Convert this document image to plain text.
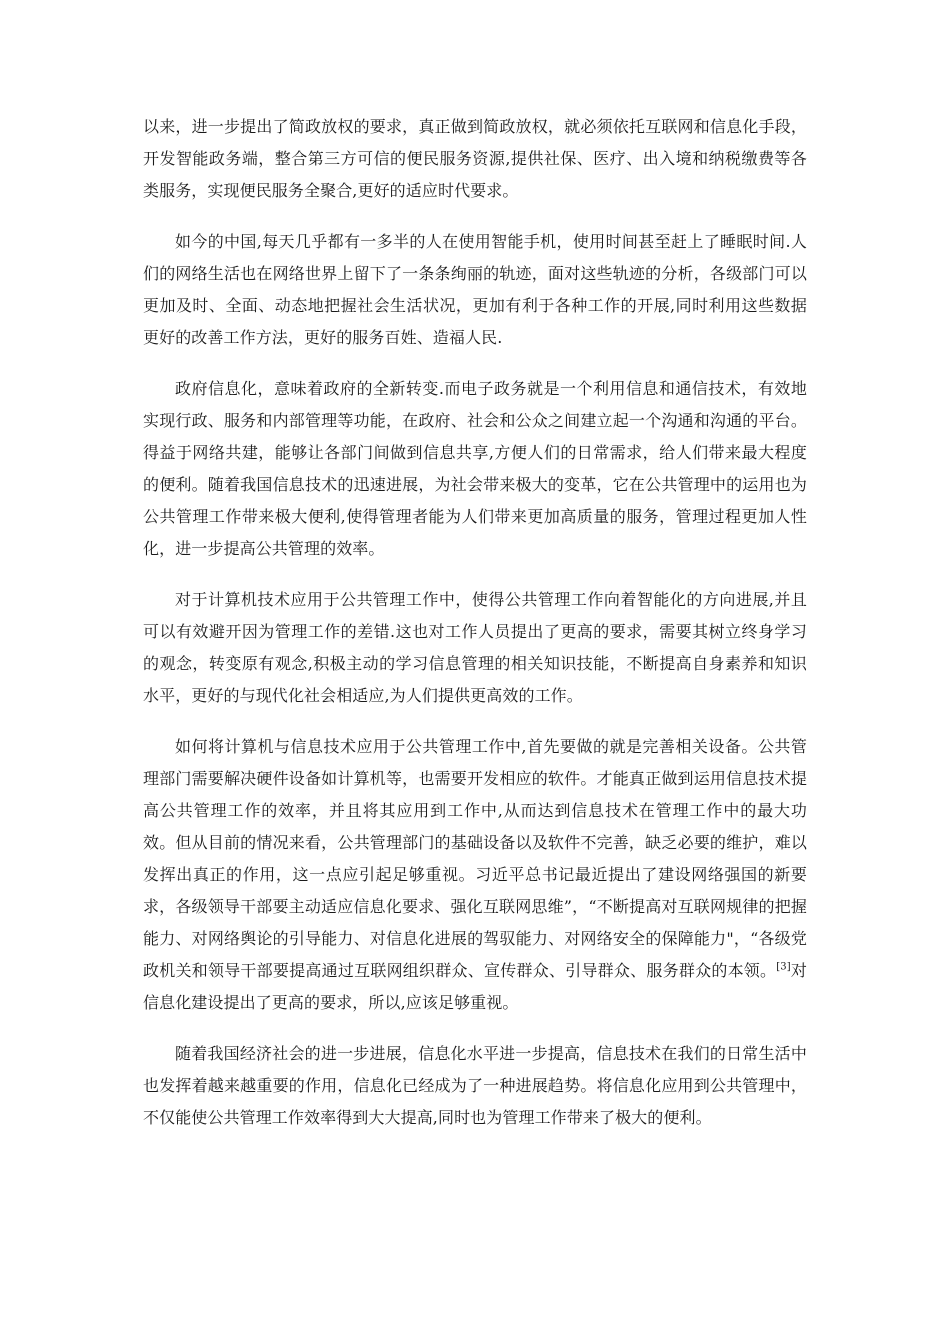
以来，进一步提出了简政放权的要求，真正做到简政放权，就必须依托互联网和信息化手段，开发智能政务端，整合第三方可信的便民服务资源,提供社保、医疗、出入境和纳税缴费等各类服务，实现便民服务全聚合,更好的适应时代要求。

如今的中国,每天几乎都有一多半的人在使用智能手机，使用时间甚至赶上了睡眠时间.人们的网络生活也在网络世界上留下了一条条绚丽的轨迹，面对这些轨迹的分析，各级部门可以更加及时、全面、动态地把握社会生活状况，更加有利于各种工作的开展,同时利用这些数据更好的改善工作方法，更好的服务百姓、造福人民.

政府信息化，意味着政府的全新转变.而电子政务就是一个利用信息和通信技术，有效地实现行政、服务和内部管理等功能，在政府、社会和公众之间建立起一个沟通和沟通的平台。得益于网络共建，能够让各部门间做到信息共享,方便人们的日常需求，给人们带来最大程度的便利。随着我国信息技术的迅速进展，为社会带来极大的变革，它在公共管理中的运用也为公共管理工作带来极大便利,使得管理者能为人们带来更加高质量的服务，管理过程更加人性化，进一步提高公共管理的效率。

对于计算机技术应用于公共管理工作中，使得公共管理工作向着智能化的方向进展,并且可以有效避开因为管理工作的差错.这也对工作人员提出了更高的要求，需要其树立终身学习的观念，转变原有观念,积极主动的学习信息管理的相关知识技能，不断提高自身素养和知识水平，更好的与现代化社会相适应,为人们提供更高效的工作。

如何将计算机与信息技术应用于公共管理工作中,首先要做的就是完善相关设备。公共管理部门需要解决硬件设备如计算机等，也需要开发相应的软件。才能真正做到运用信息技术提高公共管理工作的效率，并且将其应用到工作中,从而达到信息技术在管理工作中的最大功效。但从目前的情况来看，公共管理部门的基础设备以及软件不完善，缺乏必要的维护，难以发挥出真正的作用，这一点应引起足够重视。习近平总书记最近提出了建设网络强国的新要求，各级领导干部要主动适应信息化要求、强化互联网思维”，“不断提高对互联网规律的把握能力、对网络舆论的引导能力、对信息化进展的驾驭能力、对网络安全的保障能力"，“各级党政机关和领导干部要提高通过互联网组织群众、宣传群众、引导群众、服务群众的本领。[3]对信息化建设提出了更高的要求，所以,应该足够重视。

随着我国经济社会的进一步进展，信息化水平进一步提高，信息技术在我们的日常生活中也发挥着越来越重要的作用，信息化已经成为了一种进展趋势。将信息化应用到公共管理中，不仅能使公共管理工作效率得到大大提高,同时也为管理工作带来了极大的便利。
